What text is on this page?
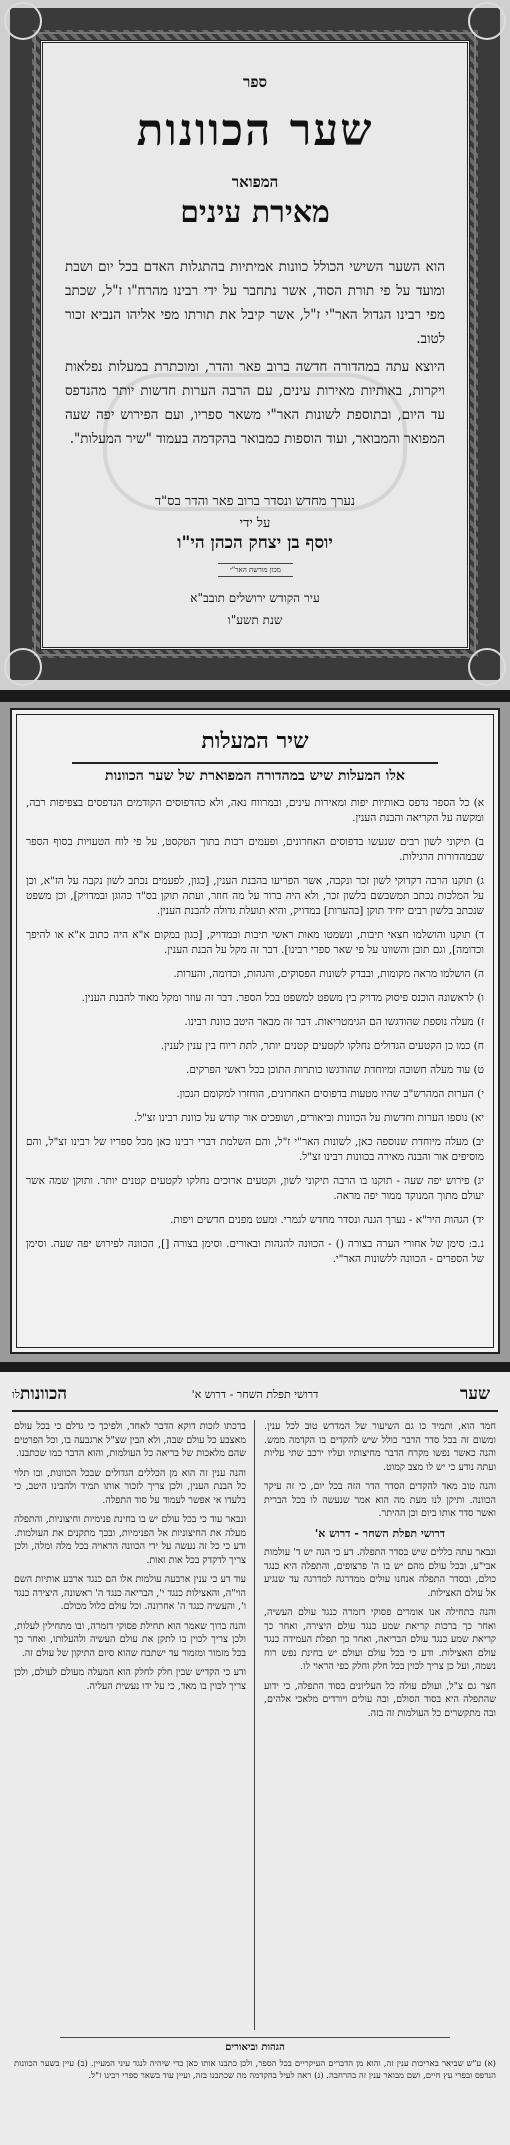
ספר
שער הכוונות
המפואר
מאירת עינים
הוא השער השישי הכולל כוונות אמיתיות בהתגלות האדם בכל יום ושבת ומועד על פי תורת הסוד, אשר נתחבר על ידי רבינו מהרח"ו ז"ל, שכתב מפי רבינו הגדול האר"י ז"ל, אשר קיבל את תורתו מפי אליהו הנביא זכור לטוב.
היוצא עתה במהדורה חדשה ברוב פאר והדר, ומוכתרת במעלות נפלאות ויקרות, באותיות מאירות עינים, עם הרבה הערות חדשות יותר מהנדפס עד היום, ובתוספת לשונות האר"י משאר ספריו, ועם הפירוש יפה שעה המפואר והמבואר, ועוד הוספות כמבואר בהקדמה בעמוד "שיר המעלות".
נערך מחדש ונסדר ברוב פאר והדר בס"ד
על ידי
יוסף בן יצחק הכהן הי"ו
מכון מורשת האר"י
עיר הקודש ירושלים תובב"א
שנת תשע"ו
שיר המעלות
אלו המעלות שיש במהדורה המפוארת של שער הכוונות
א) כל הספר נדפס באותיות יפות ומאירות עינים, ובמרווח נאה, ולא כהדפוסים הקודמים הנדפסים בצפיפות רבה, ומקשה על הקריאה והבנת הענין.
ב) תיקוני לשון רבים שנעשו בדפוסים האחרונים, ופעמים רבות בתוך הטקסט, על פי לוח הטעויות בסוף הספר שבמהדורות הרגילות.
ג) תוקנו הרבה דקדוקי לשון זכר ונקבה, אשר הפריעו בהבנת הענין, [כגון, לפעמים נכתב לשון נקבה על הז"א, וכן על המלכות נכתב תמשבשם בלשון זכר, ולא היה ברור על מה חוזר, ועתה תוקן בס"ד כהוגן ובמדויק], וכן משפט שנכתב בלשון רבים יחיד תוקן [בהערות] במדויק, והיא תועלת גדולה להבנת הענין.
ד) תוקנו והושלמו חצאי תיבות, ונשמטו מאות ראשי תיבות ובמדויק, [כגון במקום א"א היה כתוב א"א או להיפך וכדומה], וגם תובן והשוונו על פי שאר ספרי רבינו]. דבר זה מקל על הבנת הענין.
ה) הושלמו מראה מקומות, ובבדק לשונות הפסוקים, והגהות, וכדומה, והערות.
ו) לראשונה הוכנס פיסוק מדויק בין משפט למשפט בכל הספר. דבר זה עוזר ומקל מאוד להבנת הענין.
ז) מעלה נוספת שהודגשו הם הגימטריאות. דבר זה מבאר היטב כוונת רבינו.
ח) כמו כן הקטעים הגדולים נחלקו לקטעים קטנים יותר, לתת ריוח בין ענין לענין.
ט) עוד מעלה חשובה ומיוחדת שהודגשו כותרות התוכן בכל ראשי הפרקים.
י) הערות המהרש"ב שהיו מטעות בדפוסים האחרונים, הוחזרו למקומם הנכון.
יא) נוספו הערות וחדשות על הכוונות וביאורים, ושופכים אור קודש על כוונת רבינו זצ"ל.
יב) מעלה מיוחדת שנוספה כאן, לשונות האר"י ז"ל, והם השלמת דברי רבינו כאן מכל ספריו של רבינו זצ"ל, והם מוסיפים אור והבנה מאירה בכוונות רבינו זצ"ל.
יג) פירוש יפה שעה - תוקנו בו הרבה תיקוני לשון, וקטעים ארוכים נחלקו לקטעים קטנים יותר. ותוקן שמה אשר יעולם מתוך המנוקד ממור יפה מראה.
יד) הגהות היר"א - נערך הגנה ונסדר מחדש לגמרי. ומעט מפנים חדשים ויפות.
נ.ב: סימן של אחורי הערה בצורה () - הכוונה להגהות ובאורים. וסימן בצורה [], הכוונה לפירוש יפה שעה. וסימן של הספרים - הכוונה ללשונות האר"י.
שער
דרושי תפלת השחר - דרוש א'
הכוונות
לו

חמד הוא, ותמיד כו גם השיעור של המדרש טוב לכל ענין. ומשום זה בכל סדר הדבר כולל שיש להקדים בו הקדמה ממש. והנה כאשר נפשו מקרח הדבר מחיצותיו ועליו ירכב שתי עליות ועתה נודע כי יש לו מצב קמוט.

והנה טוב מאד להקדים הסדר הדר הזה בכל יום, כי זה עיקר הכוונה. ותיקן לנו מעת מה הוא אמר שנעשה לו בכל הברית ואשר סדר אותו ביום וכן ההיתר.

דרושי תפלת השחר - דרוש א'

ונבאר עתה כללים שיש בסדר התפלה. דע כי הנה יש ד' עולמות אבי"ע, ובכל עולם מהם יש בו ה' פרצופים, והתפלה היא כנגד כולם, ובסדר התפלה אנחנו עולים ממדרגה למדרגה עד שנגיע אל עולם האצילות.

והנה בתחילה אנו אומרים פסוקי דזמרה כנגד עולם העשיה, ואחר כך ברכות קריאת שמע כנגד עולם היצירה, ואחר כך קריאת שמע כנגד עולם הבריאה, ואחר כך תפלת העמידה כנגד עולם האצילות. ודע כי בכל עולם ועולם יש בחינת נפש רוח נשמה, ועל כן צריך לכוין בכל חלק וחלק כפי הראוי לו.

חצר גם צ"ל, ועולם עולה כל העליונים בסוד התפלה, כי ידוע שהתפלה היא בסוד הסולם, ובה עולים ויורדים מלאכי אלהים, ובה מתקשרים כל העולמות זה בזה.

ברכתו לזכות דוקא הדבר לאחד, ולפיכך כי גדלם כי בכל עולם מאצבע כל עולם שבה, ולא הבין שצ"ל ארגבעה בו, וכל הפרטים שהם מלאכות של בריאה כל העולמות, והוא הדבר כמו שכתבנו.

והנה ענין זה הוא מן הכללים הגדולים שבכל הכוונות, ובו תלוי כל הבנת הענין, ולכן צריך לזכור אותו תמיד ולהבינו היטב, כי בלעדו אי אפשר לעמוד על סוד התפלה.

ונבאר עוד כי בכל עולם יש בו בחינת פנימיות וחיצוניות, והתפלה מעלה את החיצוניות אל הפנימיות, ובכך מתקנים את העולמות. ודע כי כל זה נעשה על ידי הכוונה הראויה בכל מלה ומלה, ולכן צריך לדקדק בכל אות ואות.

עוד דע כי ענין ארבעה עולמות אלו הם כנגד ארבע אותיות השם הוי"ה, והאצילות כנגד י', הבריאה כנגד ה' ראשונה, היצירה כנגד ו', והעשיה כנגד ה' אחרונה. וכל עולם כלול מכולם.

והנה ברוך שאמר הוא תחילת פסוקי דזמרה, ובו מתחילין לעלות, ולכן צריך לכוין בו לתקן את עולם העשיה ולהעלותו, ואחר כך בכל מזמור ומזמור עד ישתבח שהוא סיום התיקון של עולם זה.

ודע כי הקדיש שבין חלק לחלק הוא המעלה מעולם לעולם, ולכן צריך לכוין בו מאד, כי על ידו נעשית העליה.

הגהות וביאורים
(א) ע"ש שביאר באריכות ענין זה, והוא מן הדברים העיקריים בכל הספר, ולכן כתבנו אותו כאן כדי שיהיה לנגד עיני המעיין. (ב) עיין בשער הכוונות הנדפס ובפרי עץ חיים, ושם מבואר ענין זה בהרחבה. (ג) ראה לעיל בהקדמה מה שכתבנו בזה, ועיין עוד בשאר ספרי רבינו ז"ל.
